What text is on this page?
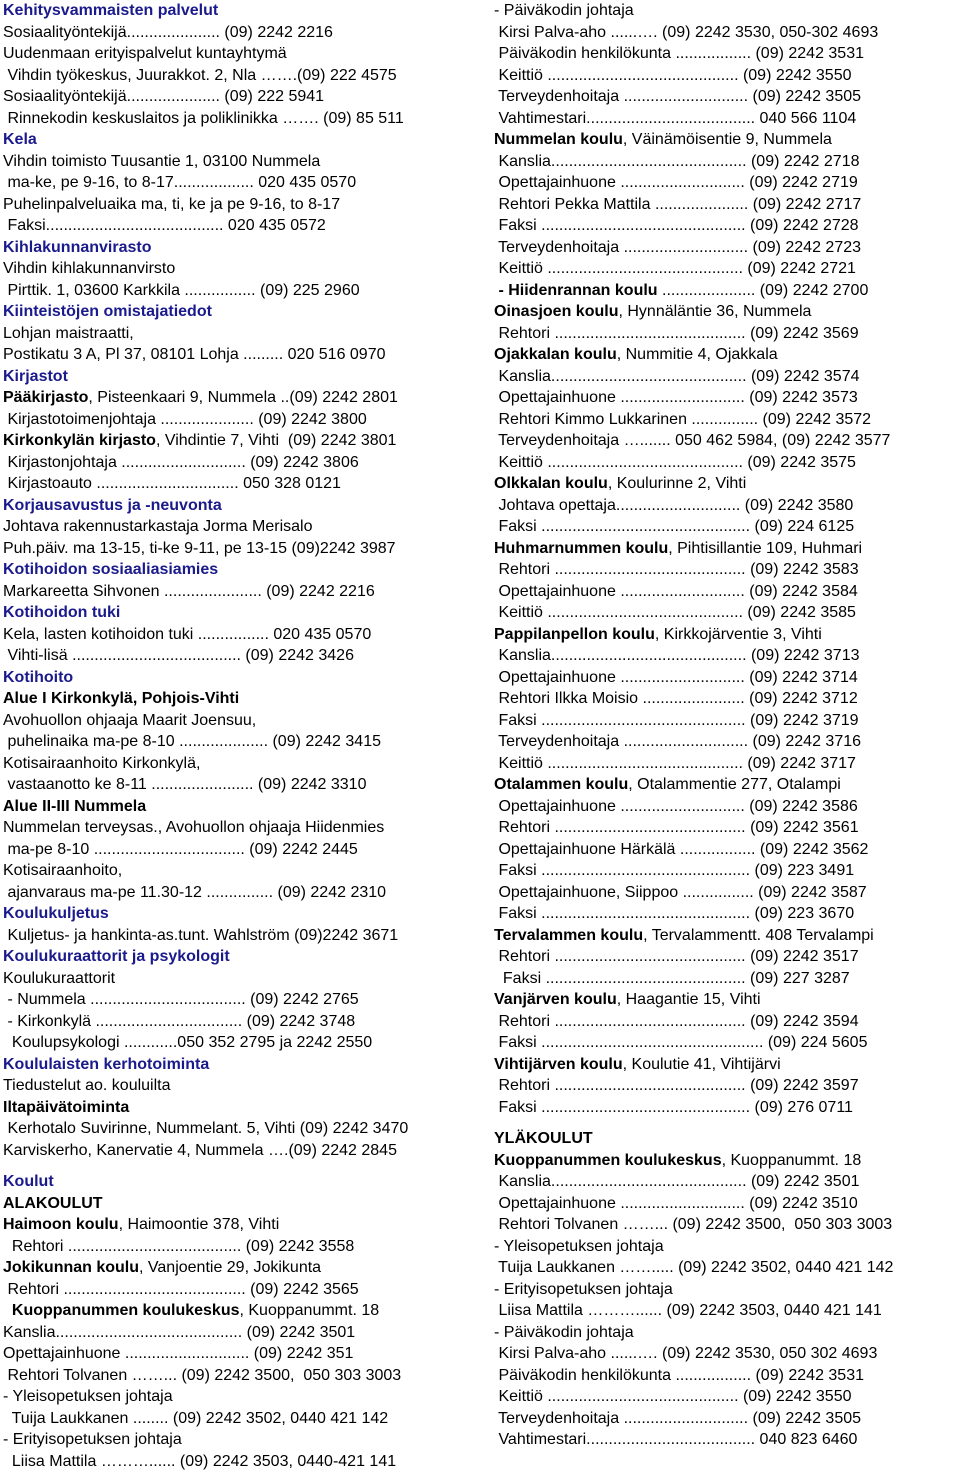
Kehitysvammaisten palvelut
Sosiaalityöntekijä..................... (09) 2242 2216
Uudenmaan erityispalvelut kuntayhtymä
Vihdin työkeskus, Juurakkot. 2, Nla …….(09) 222 4575
Sosiaalityöntekijä..................... (09) 222 5941
Rinnekodin keskuslaitos ja poliklinikka ……. (09) 85 511
Kela
Vihdin toimisto Tuusantie 1, 03100 Nummela
ma-ke, pe 9-16, to 8-17.................. 020 435 0570
Puhelinpalveluaika ma, ti, ke ja pe 9-16, to 8-17
Faksi........................................ 020 435 0572
Kihlakunnanvirasto
Vihdin kihlakunnanvirsto
Pirttik. 1, 03600 Karkkila ................ (09) 225 2960
Kiinteistöjen omistajatiedot
Lohjan maistraatti,
Postikatu 3 A, Pl 37, 08101 Lohja ......... 020 516 0970
Kirjastot
Pääkirjasto, Pisteenkaari 9, Nummela ..(09) 2242 2801
Kirjastotoimenjohtaja ..................... (09) 2242 3800
Kirkonkylän kirjasto, Vihdintie 7, Vihti  (09) 2242 3801
Kirjastonjohtaja ............................ (09) 2242 3806
Kirjastoauto ................................ 050 328 0121
Korjausavustus ja -neuvonta
Johtava rakennustarkastaja Jorma Merisalo
Puh.päiv. ma 13-15, ti-ke 9-11, pe 13-15 (09)2242 3987
Kotihoidon sosiaaliasiamies
Markareetta Sihvonen ...................... (09) 2242 2216
Kotihoidon tuki
Kela, lasten kotihoidon tuki ................ 020 435 0570
Vihti-lisä ...................................... (09) 2242 3426
Kotihoito
Alue I Kirkonkylä, Pohjois-Vihti
Avohuollon ohjaaja Maarit Joensuu,
puhelinaika ma-pe 8-10 .................... (09) 2242 3415
Kotisairaanhoito Kirkonkylä,
vastaanotto ke 8-11 ....................... (09) 2242 3310
Alue II-III Nummela
Nummelan terveysas., Avohuollon ohjaaja Hiidenmies
ma-pe 8-10 .................................. (09) 2242 2445
Kotisairaanhoito,
ajanvaraus ma-pe 11.30-12 ............... (09) 2242 2310
Koulukuljetus
Kuljetus- ja hankinta-as.tunt. Wahlström (09)2242 3671
Koulukuraattorit ja psykologit
Koulukuraattorit
- Nummela ................................... (09) 2242 2765
- Kirkonkylä ................................. (09) 2242 3748
Koulupsykologi ............050 352 2795 ja 2242 2550
Koululaisten kerhotoiminta
Tiedustelut ao. kouluilta
Iltapäivätoiminta
Kerhotalo Suvirinne, Nummelant. 5, Vihti (09) 2242 3470
Karviskerho, Kanervatie 4, Nummela ….(09) 2242 2845
Koulut
ALAKOULUT
Haimoon koulu, Haimoontie 378, Vihti
Rehtori ....................................... (09) 2242 3558
Jokikunnan koulu, Vanjoentie 29, Jokikunta
Rehtori ......................................... (09) 2242 3565
Kuoppanummen koulukeskus, Kuoppanummt. 18
Kanslia.......................................... (09) 2242 3501
Opettajainhuone ............................ (09) 2242 351
Rehtori Tolvanen ……... (09) 2242 3500,  050 303 3003
- Yleisopetuksen johtaja
Tuija Laukkanen ........ (09) 2242 3502, 0440 421 142
- Erityisopetuksen johtaja
Liisa Mattila ………...... (09) 2242 3503, 0440-421 141
- Päiväkodin johtaja
Kirsi Palva-aho ......…. (09) 2242 3530, 050-302 4693
Päiväkodin henkilökunta ................. (09) 2242 3531
Keittiö ........................................... (09) 2242 3550
Terveydenhoitaja ............................ (09) 2242 3505
Vahtimestari...................................... 040 566 1104
Nummelan koulu, Väinämöisentie 9, Nummela
Kanslia............................................ (09) 2242 2718
Opettajainhuone ............................ (09) 2242 2719
Rehtori Pekka Mattila ..................... (09) 2242 2717
Faksi .............................................. (09) 2242 2728
Terveydenhoitaja ............................ (09) 2242 2723
Keittiö ............................................ (09) 2242 2721
- Hiidenrannan koulu ..................... (09) 2242 2700
Oinasjoen koulu, Hynnäläntie 36, Nummela
Rehtori ........................................... (09) 2242 3569
Ojakkalan koulu, Nummitie 4, Ojakkala
Kanslia............................................ (09) 2242 3574
Opettajainhuone ............................ (09) 2242 3573
Rehtori Kimmo Lukkarinen ............... (09) 2242 3572
Terveydenhoitaja …....... 050 462 5984, (09) 2242 3577
Keittiö ............................................ (09) 2242 3575
Olkkalan koulu, Koulurinne 2, Vihti
Johtava opettaja............................ (09) 2242 3580
Faksi ............................................... (09) 224 6125
Huhmarnummen koulu, Pihtisillantie 109, Huhmari
Rehtori ........................................... (09) 2242 3583
Opettajainhuone ............................ (09) 2242 3584
Keittiö ............................................ (09) 2242 3585
Pappilanpellon koulu, Kirkkojärventie 3, Vihti
Kanslia............................................ (09) 2242 3713
Opettajainhuone ............................ (09) 2242 3714
Rehtori Ilkka Moisio ....................... (09) 2242 3712
Faksi .............................................. (09) 2242 3719
Terveydenhoitaja ............................ (09) 2242 3716
Keittiö ............................................ (09) 2242 3717
Otalammen koulu, Otalammentie 277, Otalampi
Opettajainhuone ............................ (09) 2242 3586
Rehtori ........................................... (09) 2242 3561
Opettajainhuone Härkälä ................. (09) 2242 3562
Faksi ............................................... (09) 223 3491
Opettajainhuone, Siippoo ................ (09) 2242 3587
Faksi ............................................... (09) 223 3670
Tervalammen koulu, Tervalammentt. 408 Tervalampi
Rehtori ........................................... (09) 2242 3517
Faksi ............................................. (09) 227 3287
Vanjärven koulu, Haagantie 15, Vihti
Rehtori ........................................... (09) 2242 3594
Faksi .................................................. (09) 224 5605
Vihtijärven koulu, Koulutie 41, Vihtijärvi
Rehtori ........................................... (09) 2242 3597
Faksi ............................................... (09) 276 0711
YLÄKOULUT
Kuoppanummen koulukeskus, Kuoppanummt. 18
Kanslia............................................ (09) 2242 3501
Opettajainhuone ............................ (09) 2242 3510
Rehtori Tolvanen ……... (09) 2242 3500,  050 303 3003
- Yleisopetuksen johtaja
Tuija Laukkanen ……..... (09) 2242 3502, 0440 421 142
- Erityisopetuksen johtaja
Liisa Mattila ………...... (09) 2242 3503, 0440 421 141
- Päiväkodin johtaja
Kirsi Palva-aho ......…. (09) 2242 3530, 050 302 4693
Päiväkodin henkilökunta ................. (09) 2242 3531
Keittiö ........................................... (09) 2242 3550
Terveydenhoitaja ............................ (09) 2242 3505
Vahtimestari...................................... 040 823 6460
